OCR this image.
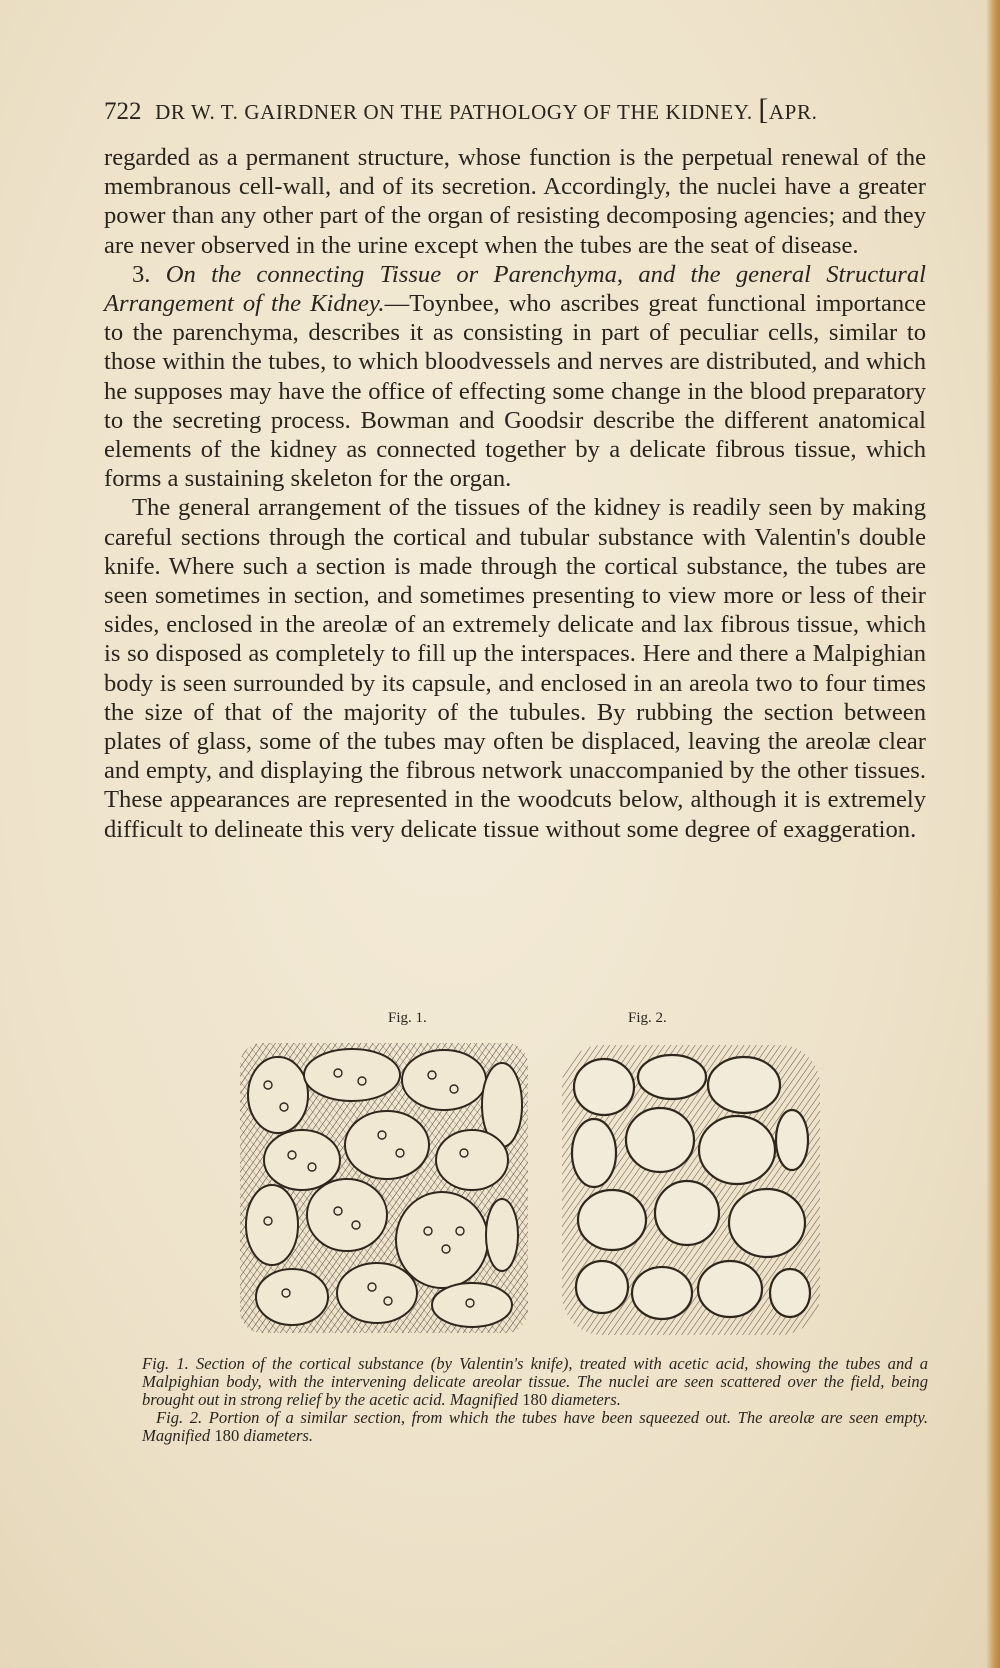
722 DR W. T. GAIRDNER ON THE PATHOLOGY OF THE KIDNEY. [APR.

regarded as a permanent structure, whose function is the perpetual renewal of the membranous cell-wall, and of its secretion. Accordingly, the nuclei have a greater power than any other part of the organ of resisting decomposing agencies; and they are never observed in the urine except when the tubes are the seat of disease.

3. On the connecting Tissue or Parenchyma, and the general Structural Arrangement of the Kidney.—Toynbee, who ascribes great functional importance to the parenchyma, describes it as consisting in part of peculiar cells, similar to those within the tubes, to which bloodvessels and nerves are distributed, and which he supposes may have the office of effecting some change in the blood preparatory to the secreting process. Bowman and Goodsir describe the different anatomical elements of the kidney as connected together by a delicate fibrous tissue, which forms a sustaining skeleton for the organ.

The general arrangement of the tissues of the kidney is readily seen by making careful sections through the cortical and tubular substance with Valentin's double knife. Where such a section is made through the cortical substance, the tubes are seen sometimes in section, and sometimes presenting to view more or less of their sides, enclosed in the areolæ of an extremely delicate and lax fibrous tissue, which is so disposed as completely to fill up the interspaces. Here and there a Malpighian body is seen surrounded by its capsule, and enclosed in an areola two to four times the size of that of the majority of the tubules. By rubbing the section between plates of glass, some of the tubes may often be displaced, leaving the areolæ clear and empty, and displaying the fibrous network unaccompanied by the other tissues. These appearances are represented in the woodcuts below, although it is extremely difficult to delineate this very delicate tissue without some degree of exaggeration.

Fig. 1.	Fig. 2.

Fig. 1. Section of the cortical substance (by Valentin's knife), treated with acetic acid, showing the tubes and a Malpighian body, with the intervening delicate areolar tissue. The nuclei are seen scattered over the field, being brought out in strong relief by the acetic acid. Magnified 180 diameters.

Fig. 2. Portion of a similar section, from which the tubes have been squeezed out. The areolæ are seen empty. Magnified 180 diameters.
